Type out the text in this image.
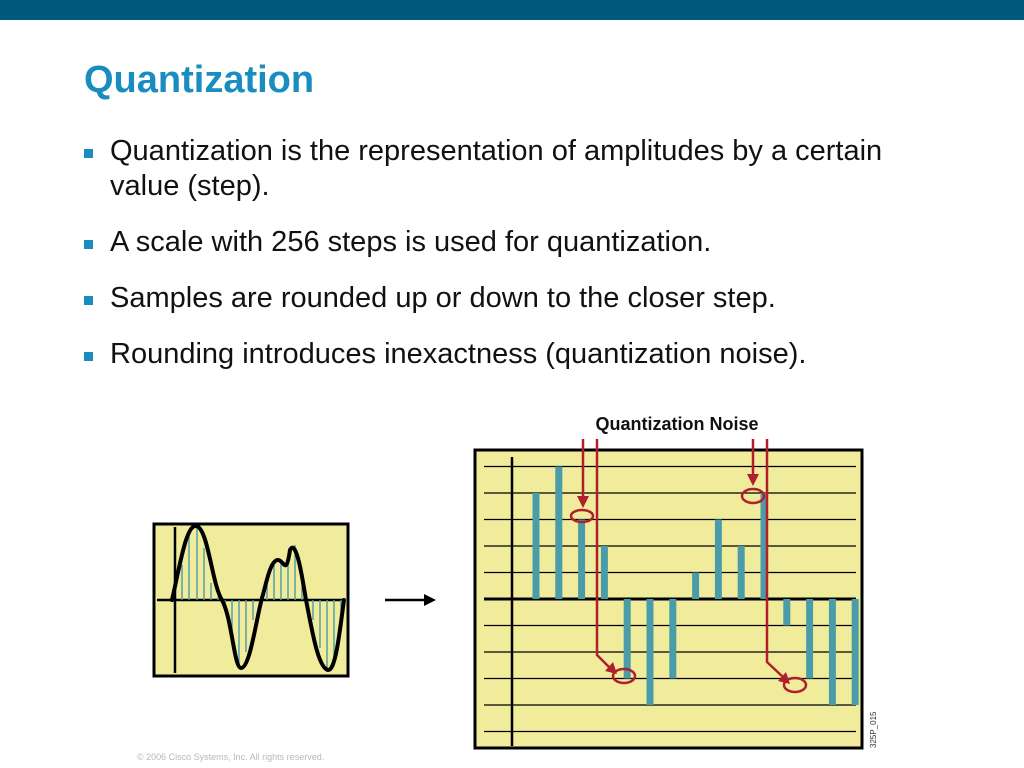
Quantization
Quantization is the representation of amplitudes by a certain value (step).
A scale with 256 steps is used for quantization.
Samples are rounded up or down to the closer step.
Rounding introduces inexactness (quantization noise).
Quantization Noise
325P_015
© 2006 Cisco Systems, Inc. All rights reserved.
